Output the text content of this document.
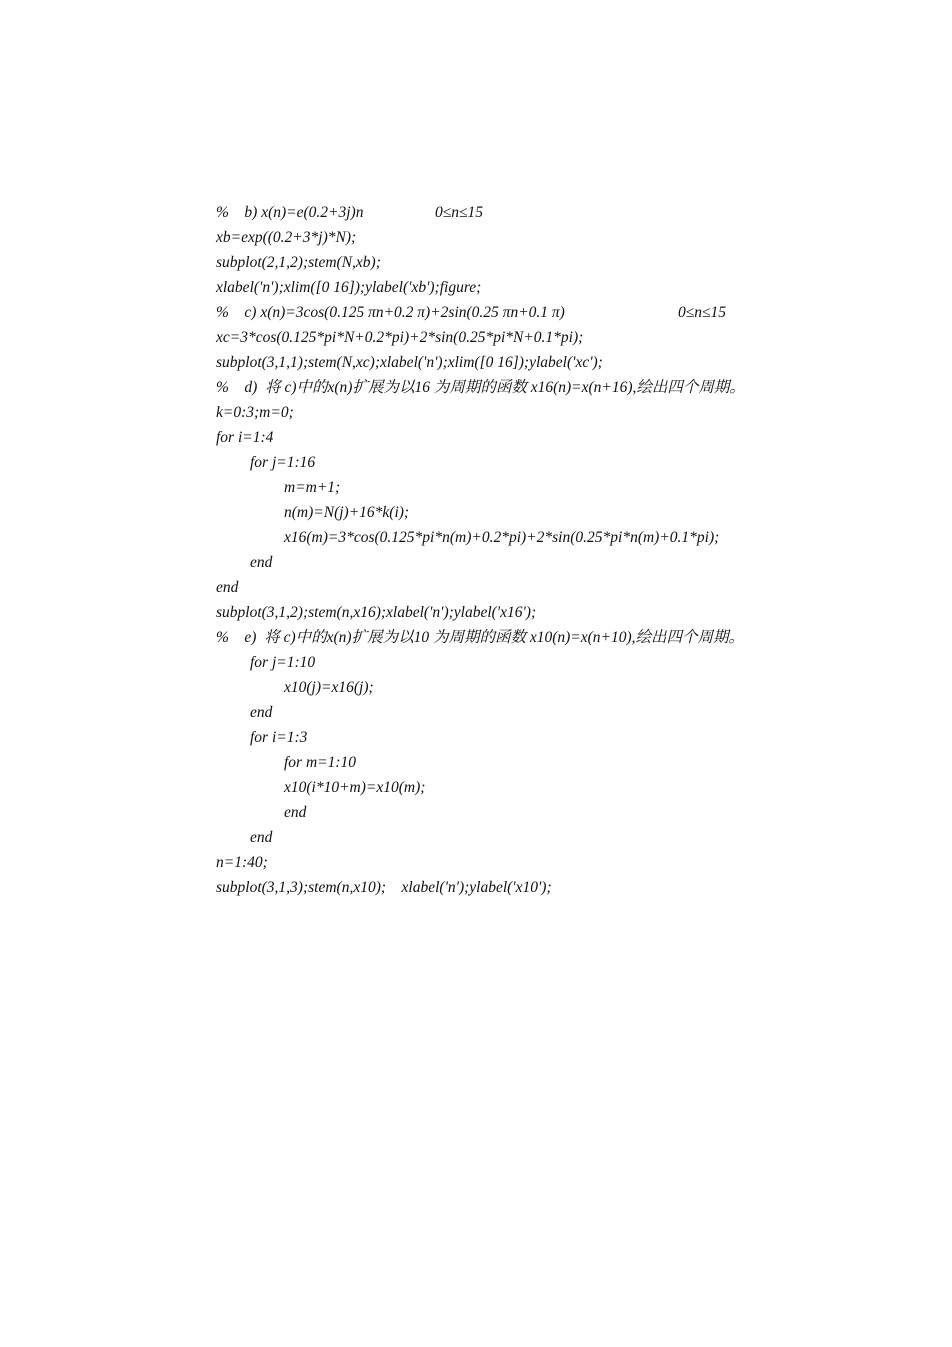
%    b) x(n)=e(0.2+3j)n	0≤n≤15
xb=exp((0.2+3*j)*N);
subplot(2,1,2);stem(N,xb);
xlabel('n');xlim([0 16]);ylabel('xb');figure;
%    c) x(n)=3cos(0.125 πn+0.2 π)+2sin(0.25 πn+0.1 π)	0≤n≤15
xc=3*cos(0.125*pi*N+0.2*pi)+2*sin(0.25*pi*N+0.1*pi);
subplot(3,1,1);stem(N,xc);xlabel('n');xlim([0 16]);ylabel('xc');
%    d)  将 c)中的x(n)扩展为以16 为周期的函数 x16(n)=x(n+16),绘出四个周期。
k=0:3;m=0;
for i=1:4
for j=1:16
m=m+1;
n(m)=N(j)+16*k(i);
x16(m)=3*cos(0.125*pi*n(m)+0.2*pi)+2*sin(0.25*pi*n(m)+0.1*pi);
end
end
subplot(3,1,2);stem(n,x16);xlabel('n');ylabel('x16');
%    e)  将 c)中的x(n)扩展为以10 为周期的函数 x10(n)=x(n+10),绘出四个周期。
for j=1:10
x10(j)=x16(j);
end
for i=1:3
for m=1:10
x10(i*10+m)=x10(m);
end
end
n=1:40;
subplot(3,1,3);stem(n,x10);    xlabel('n');ylabel('x10');
